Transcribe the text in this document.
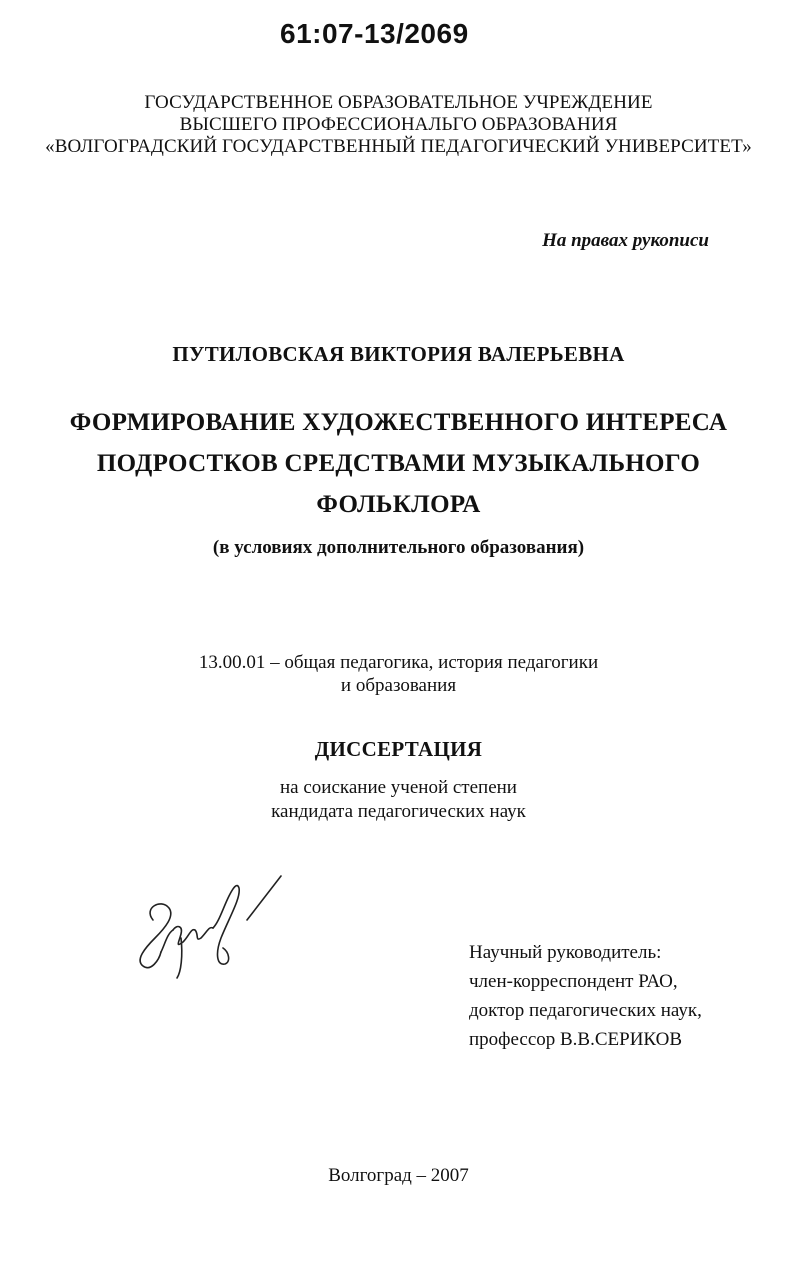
61:07-13/2069
ГОСУДАРСТВЕННОЕ ОБРАЗОВАТЕЛЬНОЕ УЧРЕЖДЕНИЕ
ВЫСШЕГО ПРОФЕССИОНАЛЬГО ОБРАЗОВАНИЯ
«ВОЛГОГРАДСКИЙ ГОСУДАРСТВЕННЫЙ ПЕДАГОГИЧЕСКИЙ УНИВЕРСИТЕТ»
На правах рукописи
ПУТИЛОВСКАЯ ВИКТОРИЯ ВАЛЕРЬЕВНА
ФОРМИРОВАНИЕ ХУДОЖЕСТВЕННОГО ИНТЕРЕСА
ПОДРОСТКОВ СРЕДСТВАМИ МУЗЫКАЛЬНОГО
ФОЛЬКЛОРА
(в условиях дополнительного образования)
13.00.01 – общая педагогика, история педагогики
и образования
ДИССЕРТАЦИЯ
на соискание ученой степени
кандидата педагогических наук
Научный руководитель:
член-корреспондент РАО,
доктор педагогических наук,
профессор В.В.СЕРИКОВ
Волгоград – 2007
